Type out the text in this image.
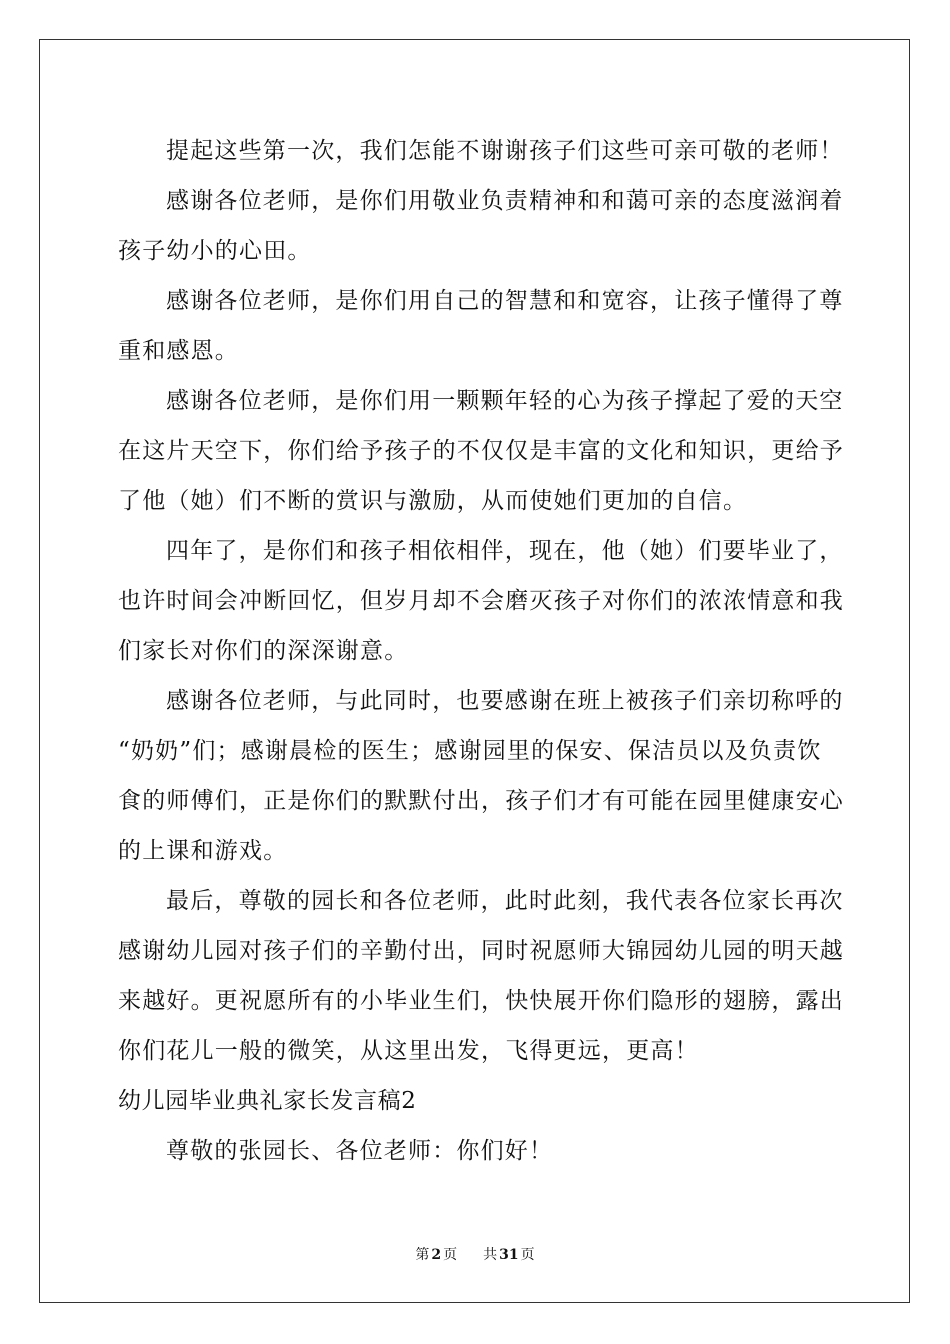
提起这些第一次，我们怎能不谢谢孩子们这些可亲可敬的老师！
感谢各位老师，是你们用敬业负责精神和和蔼可亲的态度滋润着
孩子幼小的心田。
感谢各位老师，是你们用自己的智慧和和宽容，让孩子懂得了尊
重和感恩。
感谢各位老师，是你们用一颗颗年轻的心为孩子撑起了爱的天空
在这片天空下，你们给予孩子的不仅仅是丰富的文化和知识，更给予
了他（她）们不断的赏识与激励，从而使她们更加的自信。
四年了，是你们和孩子相依相伴，现在，他（她）们要毕业了，
也许时间会冲断回忆，但岁月却不会磨灭孩子对你们的浓浓情意和我
们家长对你们的深深谢意。
感谢各位老师，与此同时，也要感谢在班上被孩子们亲切称呼的
“奶奶”们；感谢晨检的医生；感谢园里的保安、保洁员以及负责饮
食的师傅们，正是你们的默默付出，孩子们才有可能在园里健康安心
的上课和游戏。
最后，尊敬的园长和各位老师，此时此刻，我代表各位家长再次
感谢幼儿园对孩子们的辛勤付出，同时祝愿师大锦园幼儿园的明天越
来越好。更祝愿所有的小毕业生们，快快展开你们隐形的翅膀，露出
你们花儿一般的微笑，从这里出发，飞得更远，更高！
幼儿园毕业典礼家长发言稿2
尊敬的张园长、各位老师：你们好！
第 2 页 共 31 页
